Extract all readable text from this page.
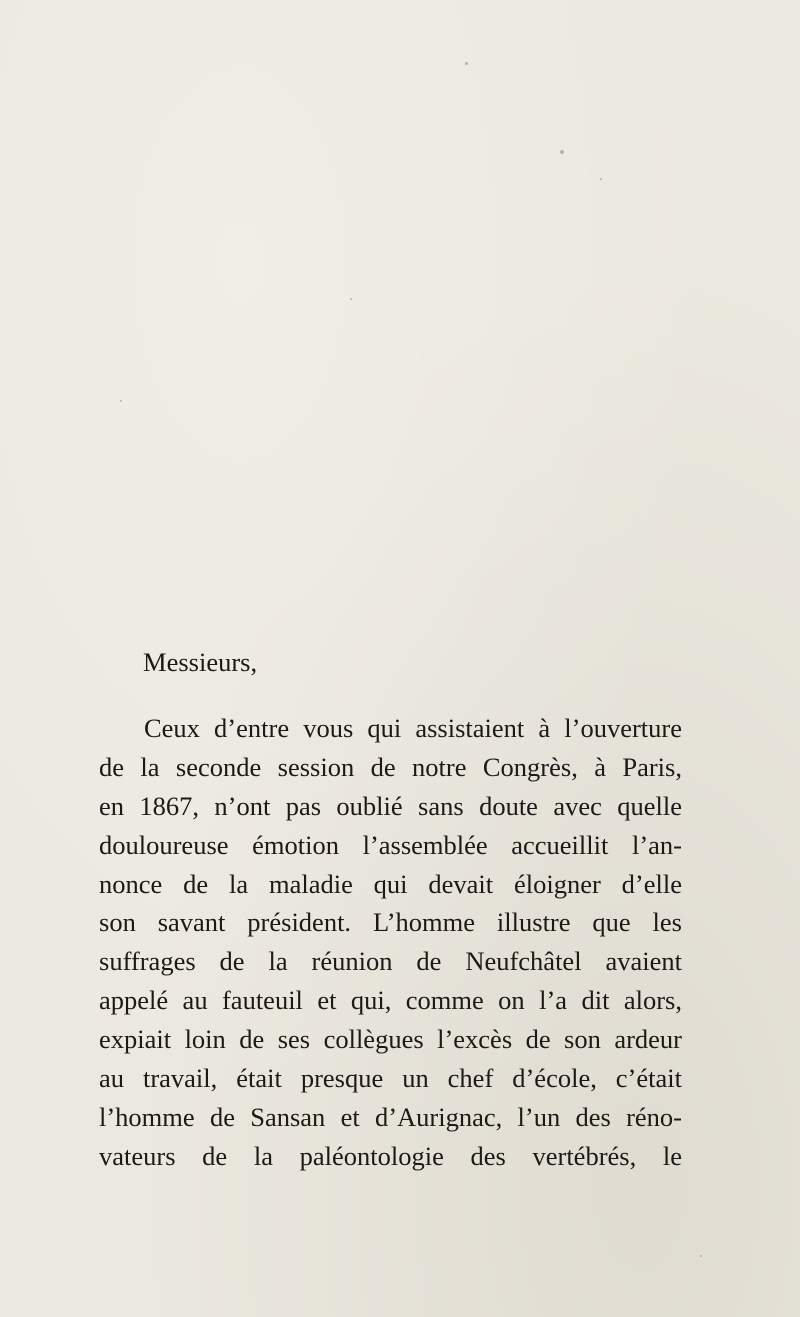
Messieurs,

Ceux d’entre vous qui assistaient à l’ouverture
de la seconde session de notre Congrès, à Paris,
en 1867, n’ont pas oublié sans doute avec quelle
douloureuse émotion l’assemblée accueillit l’an-
nonce de la maladie qui devait éloigner d’elle
son savant président. L’homme illustre que les
suffrages de la réunion de Neufchâtel avaient
appelé au fauteuil et qui, comme on l’a dit alors,
expiait loin de ses collègues l’excès de son ardeur
au travail, était presque un chef d’école, c’était
l’homme de Sansan et d’Aurignac, l’un des réno-
vateurs de la paléontologie des vertébrés, le
